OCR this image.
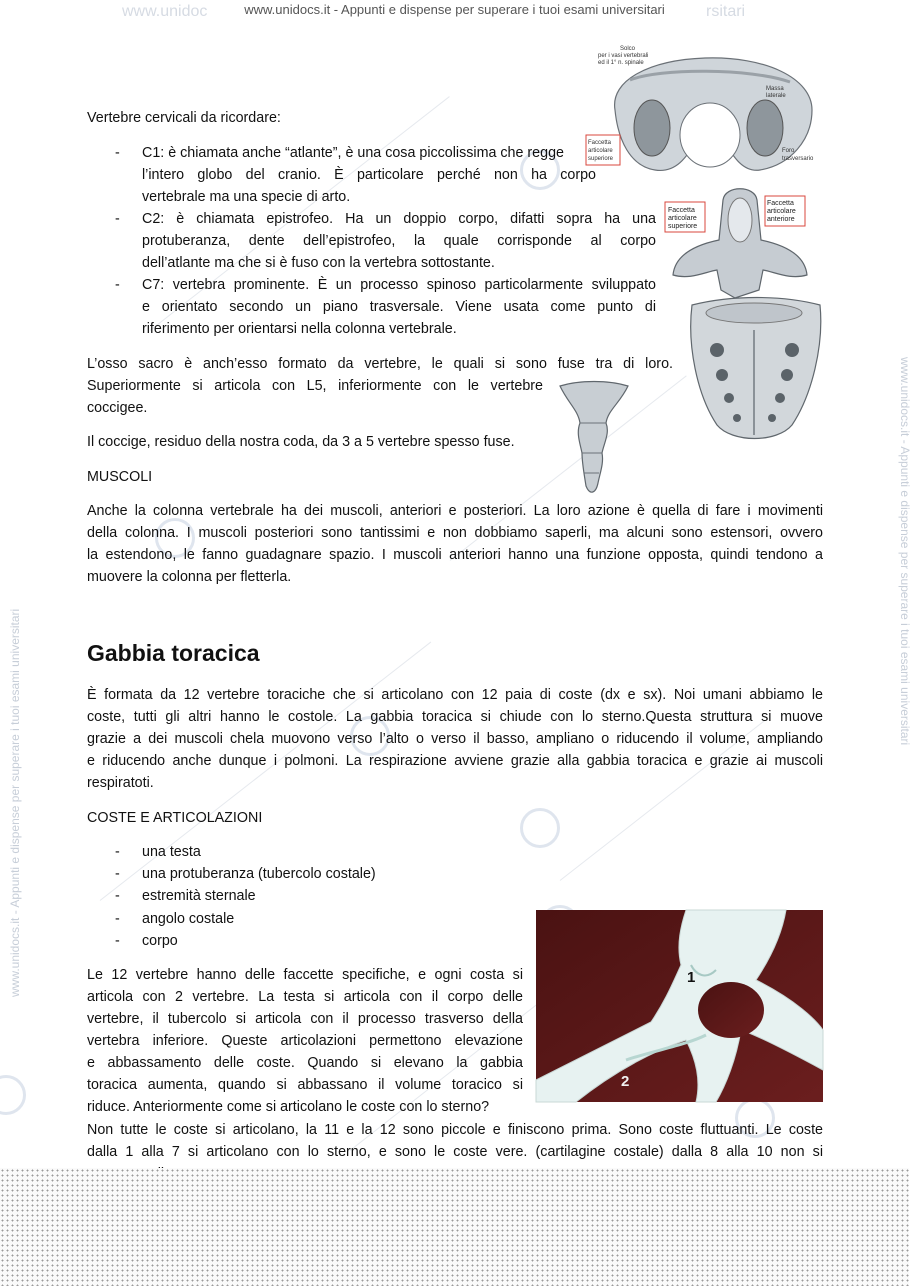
www.unidoc	www.unidocs.it - Appunti e dispense per superare i tuoi esami universitari	rsitari
www.unidocs.it - Appunti e dispense per superare i tuoi esami universitari
www.unidocs.it - Appunti e dispense per superare i tuoi esami universitari
Solco
per i vasi vertebrali
ed il 1° n. spinale
Massa
laterale
Faccetta
articolare
superiore
Foro
trasversario
Faccetta
articolare
superiore
Faccetta
articolare
anteriore
1
2
Vertebre cervicali da ricordare:
- C1: è chiamata anche “atlante”, è una cosa piccolissima che regge
l’intero globo del cranio. È particolare perché non ha corpo
vertebrale ma una specie di arto.
- C2: è chiamata epistrofeo. Ha un doppio corpo, difatti sopra ha una
protuberanza, dente dell’epistrofeo, la quale corrisponde al corpo
dell’atlante ma che si è fuso con la vertebra sottostante.
- C7: vertebra prominente. È un processo spinoso particolarmente sviluppato
e orientato secondo un piano trasversale. Viene usata come punto di
riferimento per orientarsi nella colonna vertebrale.
L’osso sacro è anch’esso formato da vertebre, le quali si sono fuse tra di loro.
Superiormente si articola con L5, inferiormente con le vertebre
coccigee.
Il coccige, residuo della nostra coda, da 3 a 5 vertebre spesso fuse.
MUSCOLI
Anche la colonna vertebrale ha dei muscoli, anteriori e posteriori. La loro azione è quella di fare i movimenti
della colonna. I muscoli posteriori sono tantissimi e non dobbiamo saperli, ma alcuni sono estensori, ovvero
la estendono, le fanno guadagnare spazio. I muscoli anteriori hanno una funzione opposta, quindi tendono a
muovere la colonna per fletterla.
Gabbia toracica
È formata da 12 vertebre toraciche che si articolano con 12 paia di coste (dx e sx). Noi umani abbiamo le
coste, tutti gli altri hanno le costole. La gabbia toracica si chiude con lo sterno.Questa struttura si muove
grazie a dei muscoli chela muovono verso l’alto o verso il basso, ampliano o riducendo il volume, ampliando
e riducendo anche dunque i polmoni. La respirazione avviene grazie alla gabbia toracica e grazie ai muscoli
respiratoti.
COSTE E ARTICOLAZIONI
- una testa
- una protuberanza (tubercolo costale)
- estremità sternale
- angolo costale
- corpo
Le 12 vertebre hanno delle faccette specifiche, e ogni costa si
articola con 2 vertebre. La testa si articola con il corpo delle
vertebre, il tubercolo si articola con il processo trasverso della
vertebra inferiore. Queste articolazioni permettono elevazione
e abbassamento delle coste. Quando si elevano la gabbia
toracica aumenta, quando si abbassano il volume toracico si
riduce. Anteriormente come si articolano le coste con lo sterno?
Non tutte le coste si articolano, la 11 e la 12 sono piccole e finiscono prima. Sono coste fluttuanti. Le coste
dalla 1 alla 7 si articolano con lo sterno, e sono le coste vere. (cartilagine costale) dalla 8 alla 10 non si
